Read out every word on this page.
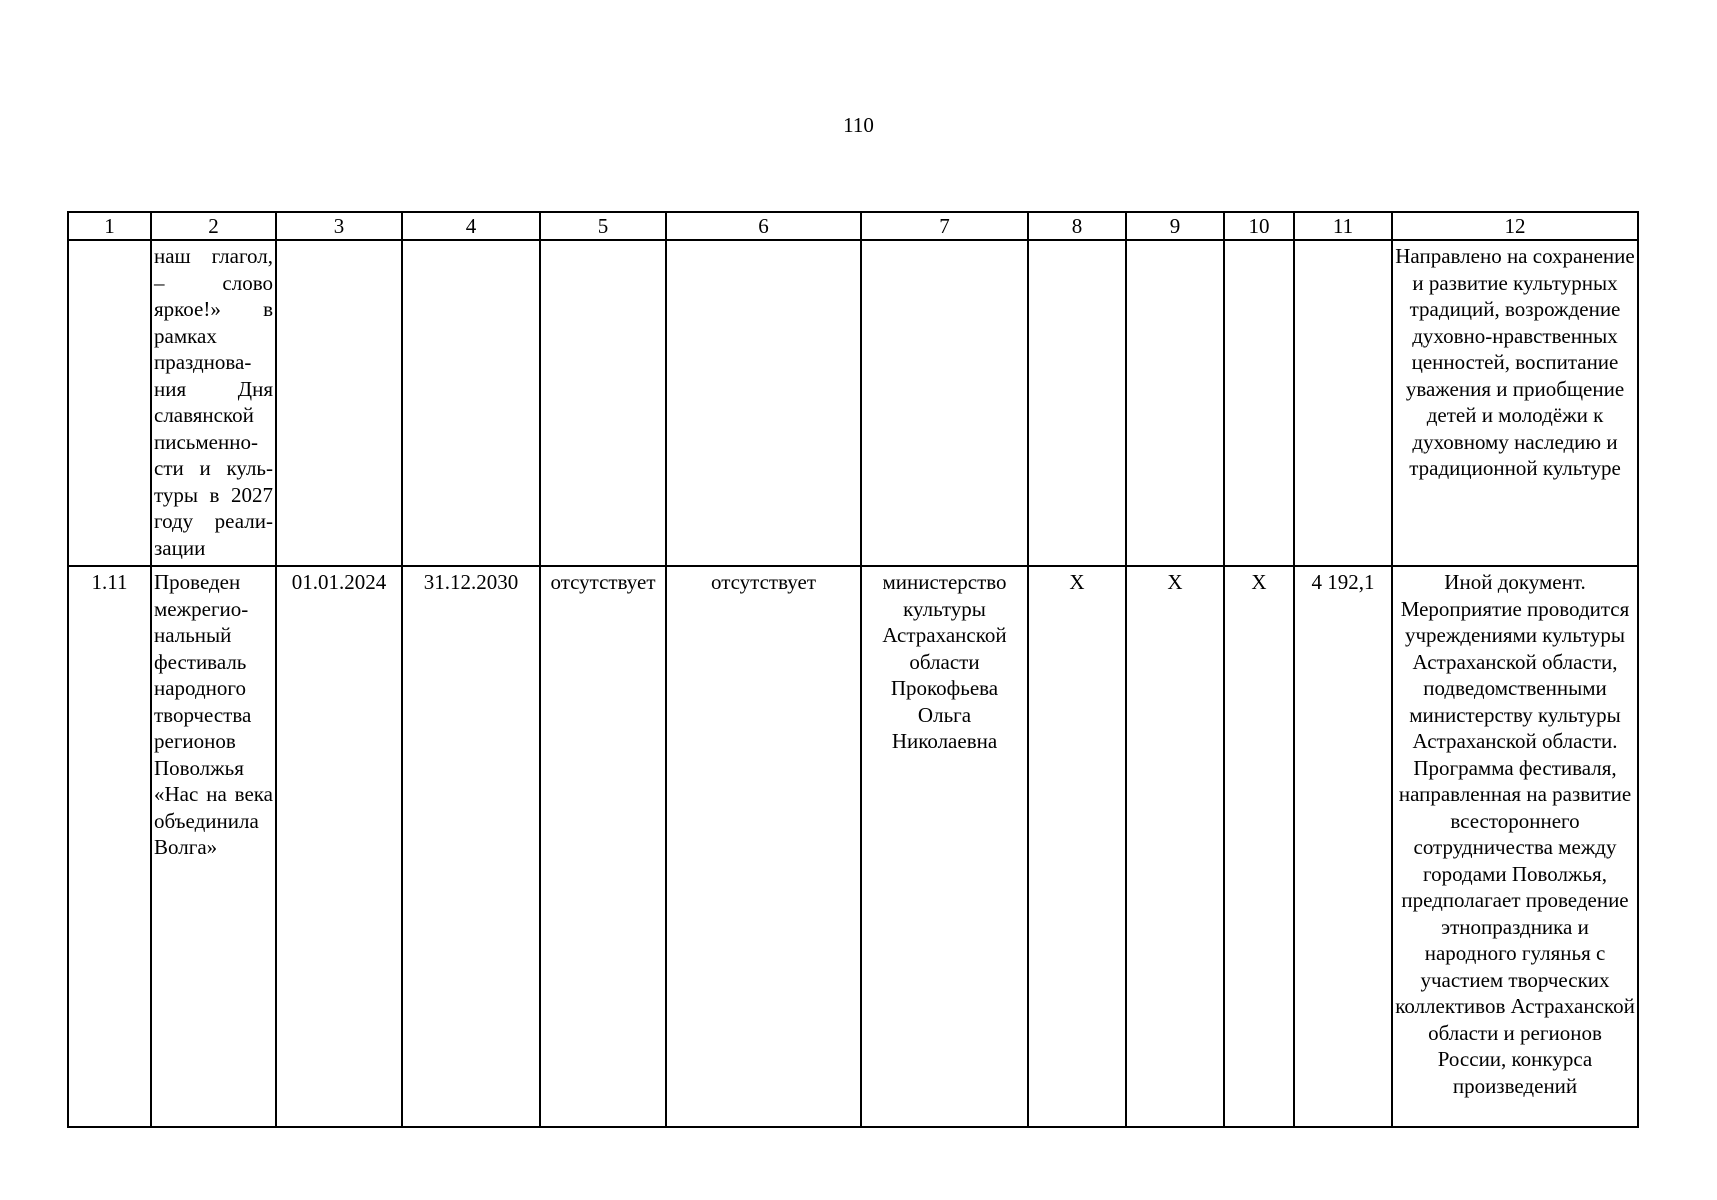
110
1	2	3	4	5	6	7	8	9	10	11	12
	наш глагол, – слово яркое!» в рамках празднования Дня славянской письменности и культуры в 2027 году реализации										Направлено на сохранение и развитие культурных традиций, возрождение духовно-нравственных ценностей, воспитание уважения и приобщение детей и молодёжи к духовному наследию и традиционной культуре
1.11	Проведен межрегиональный фестиваль народного творчества регионов Поволжья «Нас на века объединила Волга»	01.01.2024	31.12.2030	отсутствует	отсутствует	министерство культуры Астраханской области Прокофьева Ольга Николаевна	X	X	X	4 192,1	Иной документ. Мероприятие проводится учреждениями культуры Астраханской области, подведомственными министерству культуры Астраханской области. Программа фестиваля, направленная на развитие всестороннего сотрудничества между городами Поволжья, предполагает проведение этнопраздника и народного гулянья с участием творческих коллективов Астраханской области и регионов России, конкурса произведений
